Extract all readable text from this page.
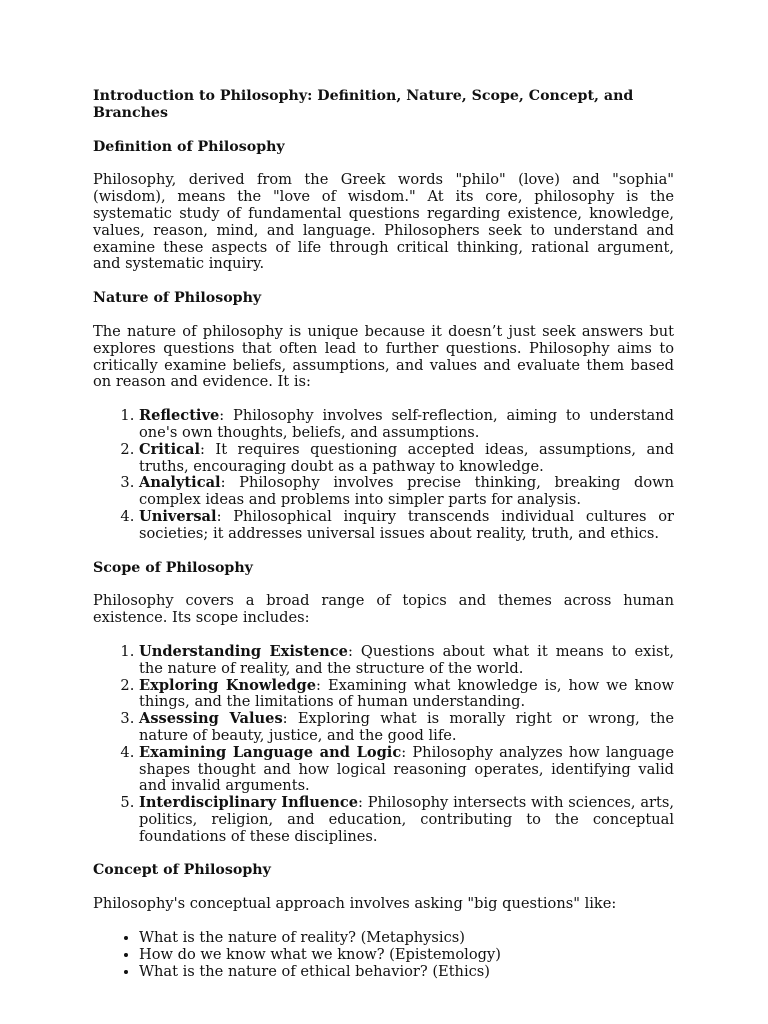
Introduction to Philosophy: Definition, Nature, Scope, Concept, and Branches
Definition of Philosophy

Philosophy, derived from the Greek words "philo" (love) and "sophia" (wisdom), means the "love of wisdom." At its core, philosophy is the systematic study of fundamental questions regarding existence, knowledge, values, reason, mind, and language. Philosophers seek to understand and examine these aspects of life through critical thinking, rational argument, and systematic inquiry.

Nature of Philosophy

The nature of philosophy is unique because it doesn’t just seek answers but explores questions that often lead to further questions. Philosophy aims to critically examine beliefs, assumptions, and values and evaluate them based on reason and evidence. It is:

1. Reflective: Philosophy involves self-reflection, aiming to understand one's own thoughts, beliefs, and assumptions.
2. Critical: It requires questioning accepted ideas, assumptions, and truths, encouraging doubt as a pathway to knowledge.
3. Analytical: Philosophy involves precise thinking, breaking down complex ideas and problems into simpler parts for analysis.
4. Universal: Philosophical inquiry transcends individual cultures or societies; it addresses universal issues about reality, truth, and ethics.
Scope of Philosophy

Philosophy covers a broad range of topics and themes across human existence. Its scope includes:

1. Understanding Existence: Questions about what it means to exist, the nature of reality, and the structure of the world.
2. Exploring Knowledge: Examining what knowledge is, how we know things, and the limitations of human understanding.
3. Assessing Values: Exploring what is morally right or wrong, the nature of beauty, justice, and the good life.
4. Examining Language and Logic: Philosophy analyzes how language shapes thought and how logical reasoning operates, identifying valid and invalid arguments.
5. Interdisciplinary Influence: Philosophy intersects with sciences, arts, politics, religion, and education, contributing to the conceptual foundations of these disciplines.
Concept of Philosophy

Philosophy's conceptual approach involves asking "big questions" like:

• What is the nature of reality? (Metaphysics)
• How do we know what we know? (Epistemology)
• What is the nature of ethical behavior? (Ethics)
